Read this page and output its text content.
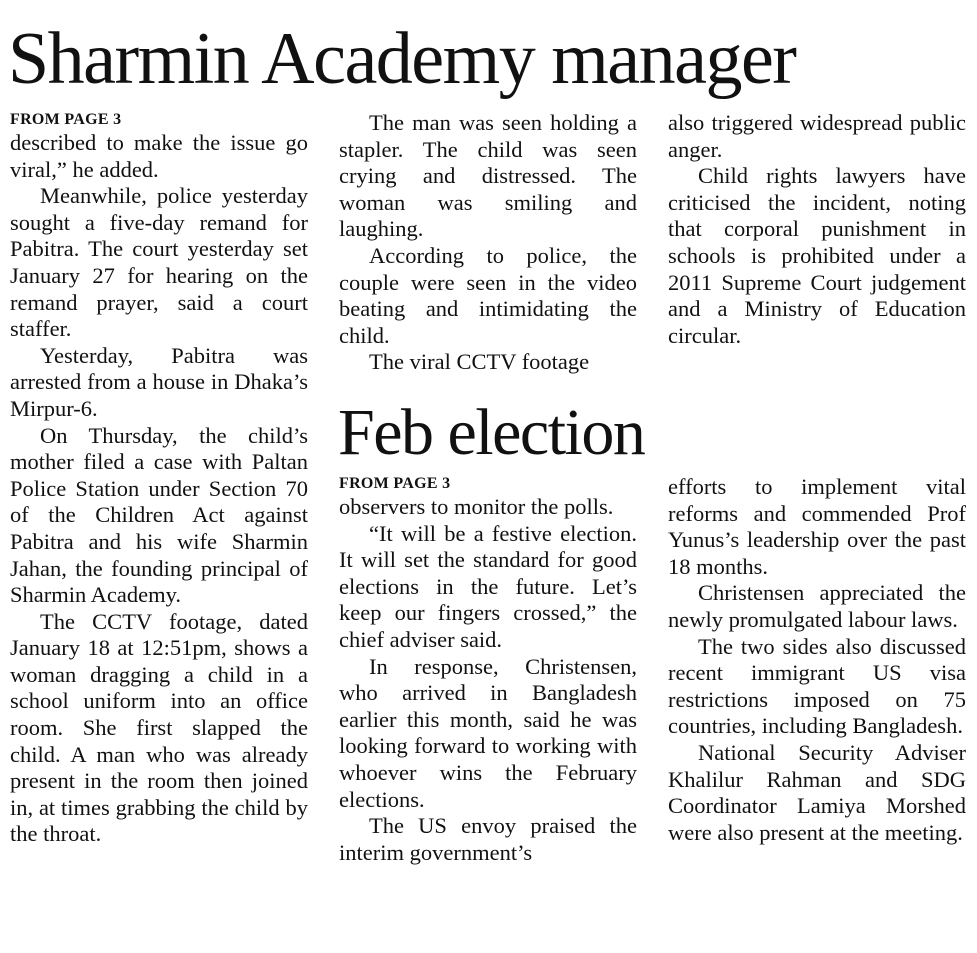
Sharmin Academy manager
FROM PAGE 3

described to make the issue go viral,” he added.

Meanwhile, police yesterday sought a five-day remand for Pabitra. The court yesterday set January 27 for hearing on the remand prayer, said a court staffer.

Yesterday, Pabitra was arrested from a house in Dhaka’s Mirpur-6.

On Thursday, the child’s mother filed a case with Paltan Police Station under Section 70 of the Children Act against Pabitra and his wife Sharmin Jahan, the founding principal of Sharmin Academy.

The CCTV footage, dated January 18 at 12:51pm, shows a woman dragging a child in a school uniform into an office room. She first slapped the child. A man who was already present in the room then joined in, at times grabbing the child by the throat.

The man was seen holding a stapler. The child was seen crying and distressed. The woman was smiling and laughing.

According to police, the couple were seen in the video beating and intimidating the child.

The viral CCTV footage

also triggered widespread public anger.

Child rights lawyers have criticised the incident, noting that corporal punishment in schools is prohibited under a 2011 Supreme Court judgement and a Ministry of Education circular.

Feb election
FROM PAGE 3

observers to monitor the polls.

“It will be a festive election. It will set the standard for good elections in the future. Let’s keep our fingers crossed,” the chief adviser said.

In response, Christensen, who arrived in Bangladesh earlier this month, said he was looking forward to working with whoever wins the February elections.

The US envoy praised the interim government’s

efforts to implement vital reforms and commended Prof Yunus’s leadership over the past 18 months.

Christensen appreciated the newly promulgated labour laws.

The two sides also discussed recent immigrant US visa restrictions imposed on 75 countries, including Bangladesh.

National Security Adviser Khalilur Rahman and SDG Coordinator Lamiya Morshed were also present at the meeting.
